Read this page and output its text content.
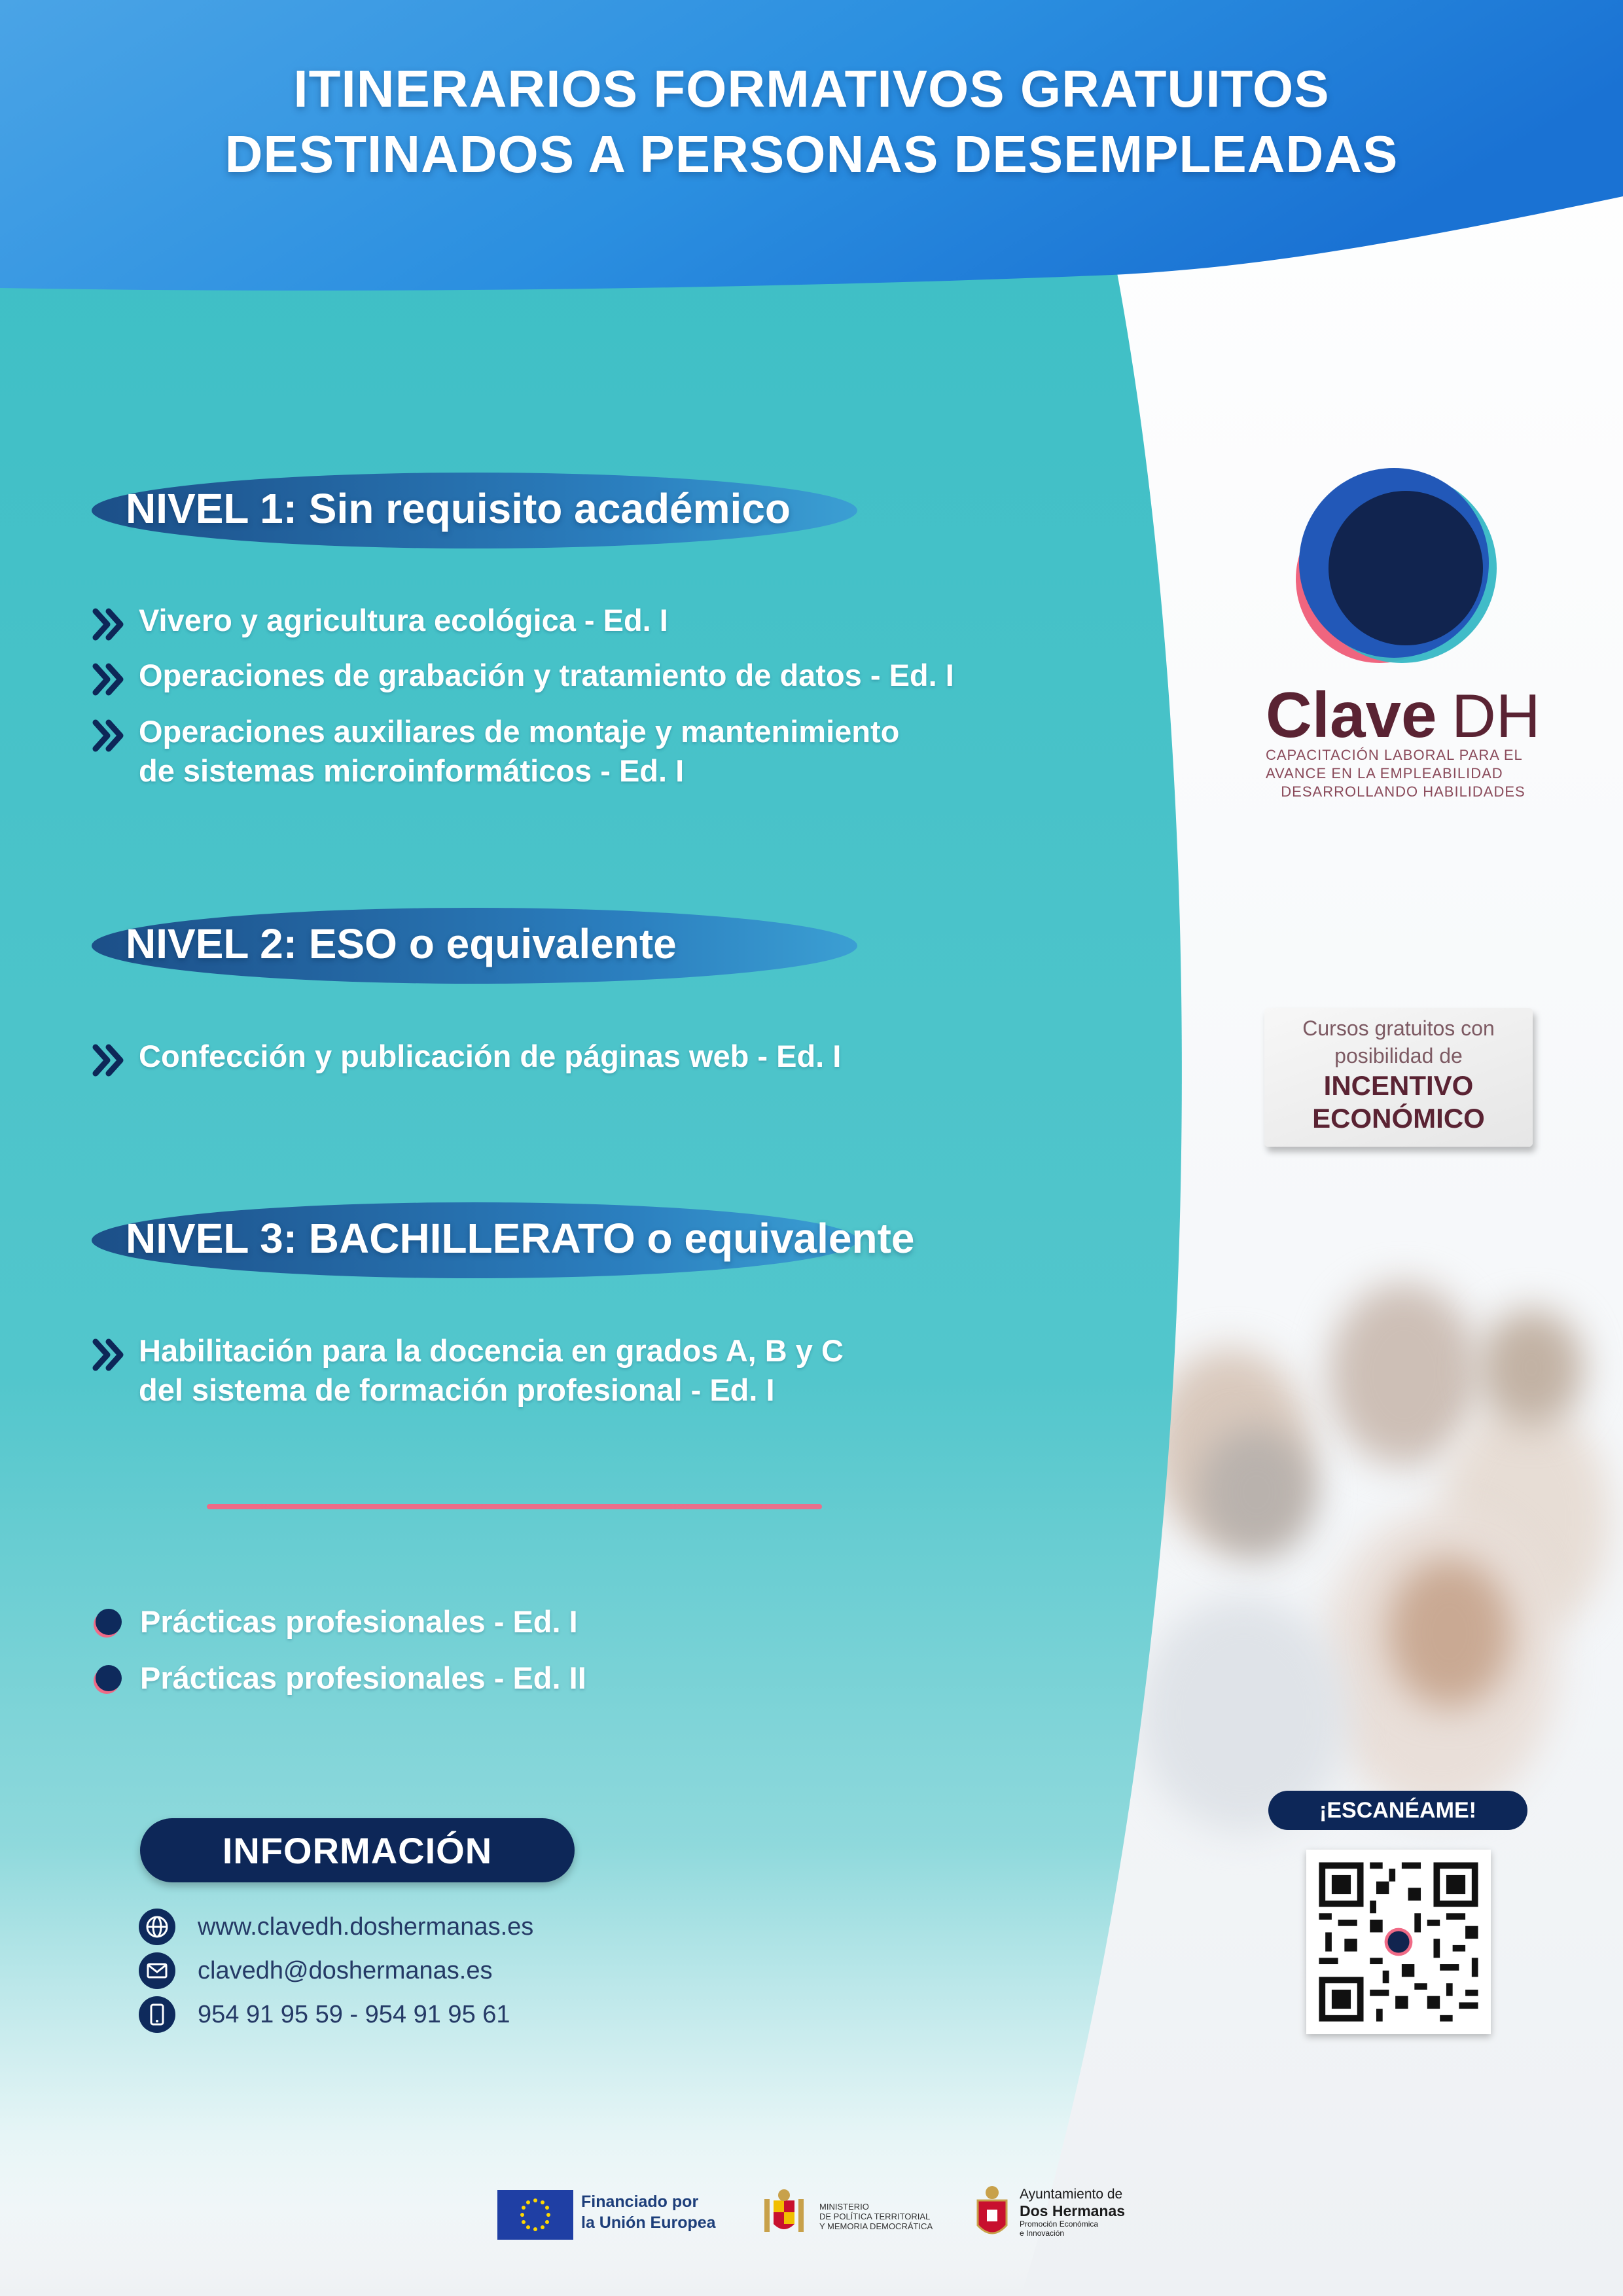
ITINERARIOS FORMATIVOS GRATUITOS
DESTINADOS A PERSONAS DESEMPLEADAS
NIVEL 1: Sin requisito académico
Vivero y agricultura ecológica - Ed. I
Operaciones de grabación y tratamiento de datos - Ed. I
Operaciones auxiliares de montaje y mantenimiento
de sistemas microinformáticos - Ed. I
NIVEL 2: ESO o equivalente
Confección y publicación de páginas web - Ed. I
NIVEL 3: BACHILLERATO o equivalente
Habilitación para la docencia en grados A, B y C
del sistema de formación profesional - Ed. I
Prácticas profesionales - Ed. I
Prácticas profesionales - Ed. II
INFORMACIÓN
www.clavedh.doshermanas.es
clavedh@doshermanas.es
954 91 95 59 - 954 91 95 61
Clave DH
CAPACITACIÓN LABORAL PARA EL
AVANCE EN LA EMPLEABILIDAD
DESARROLLANDO HABILIDADES
Cursos gratuitos con
posibilidad de
INCENTIVO
ECONÓMICO
¡ESCANÉAME!
Financiado por
la Unión Europea
MINISTERIO
DE POLÍTICA TERRITORIAL
Y MEMORIA DEMOCRÁTICA
Ayuntamiento de
Dos Hermanas
Promoción Económica
e Innovación
